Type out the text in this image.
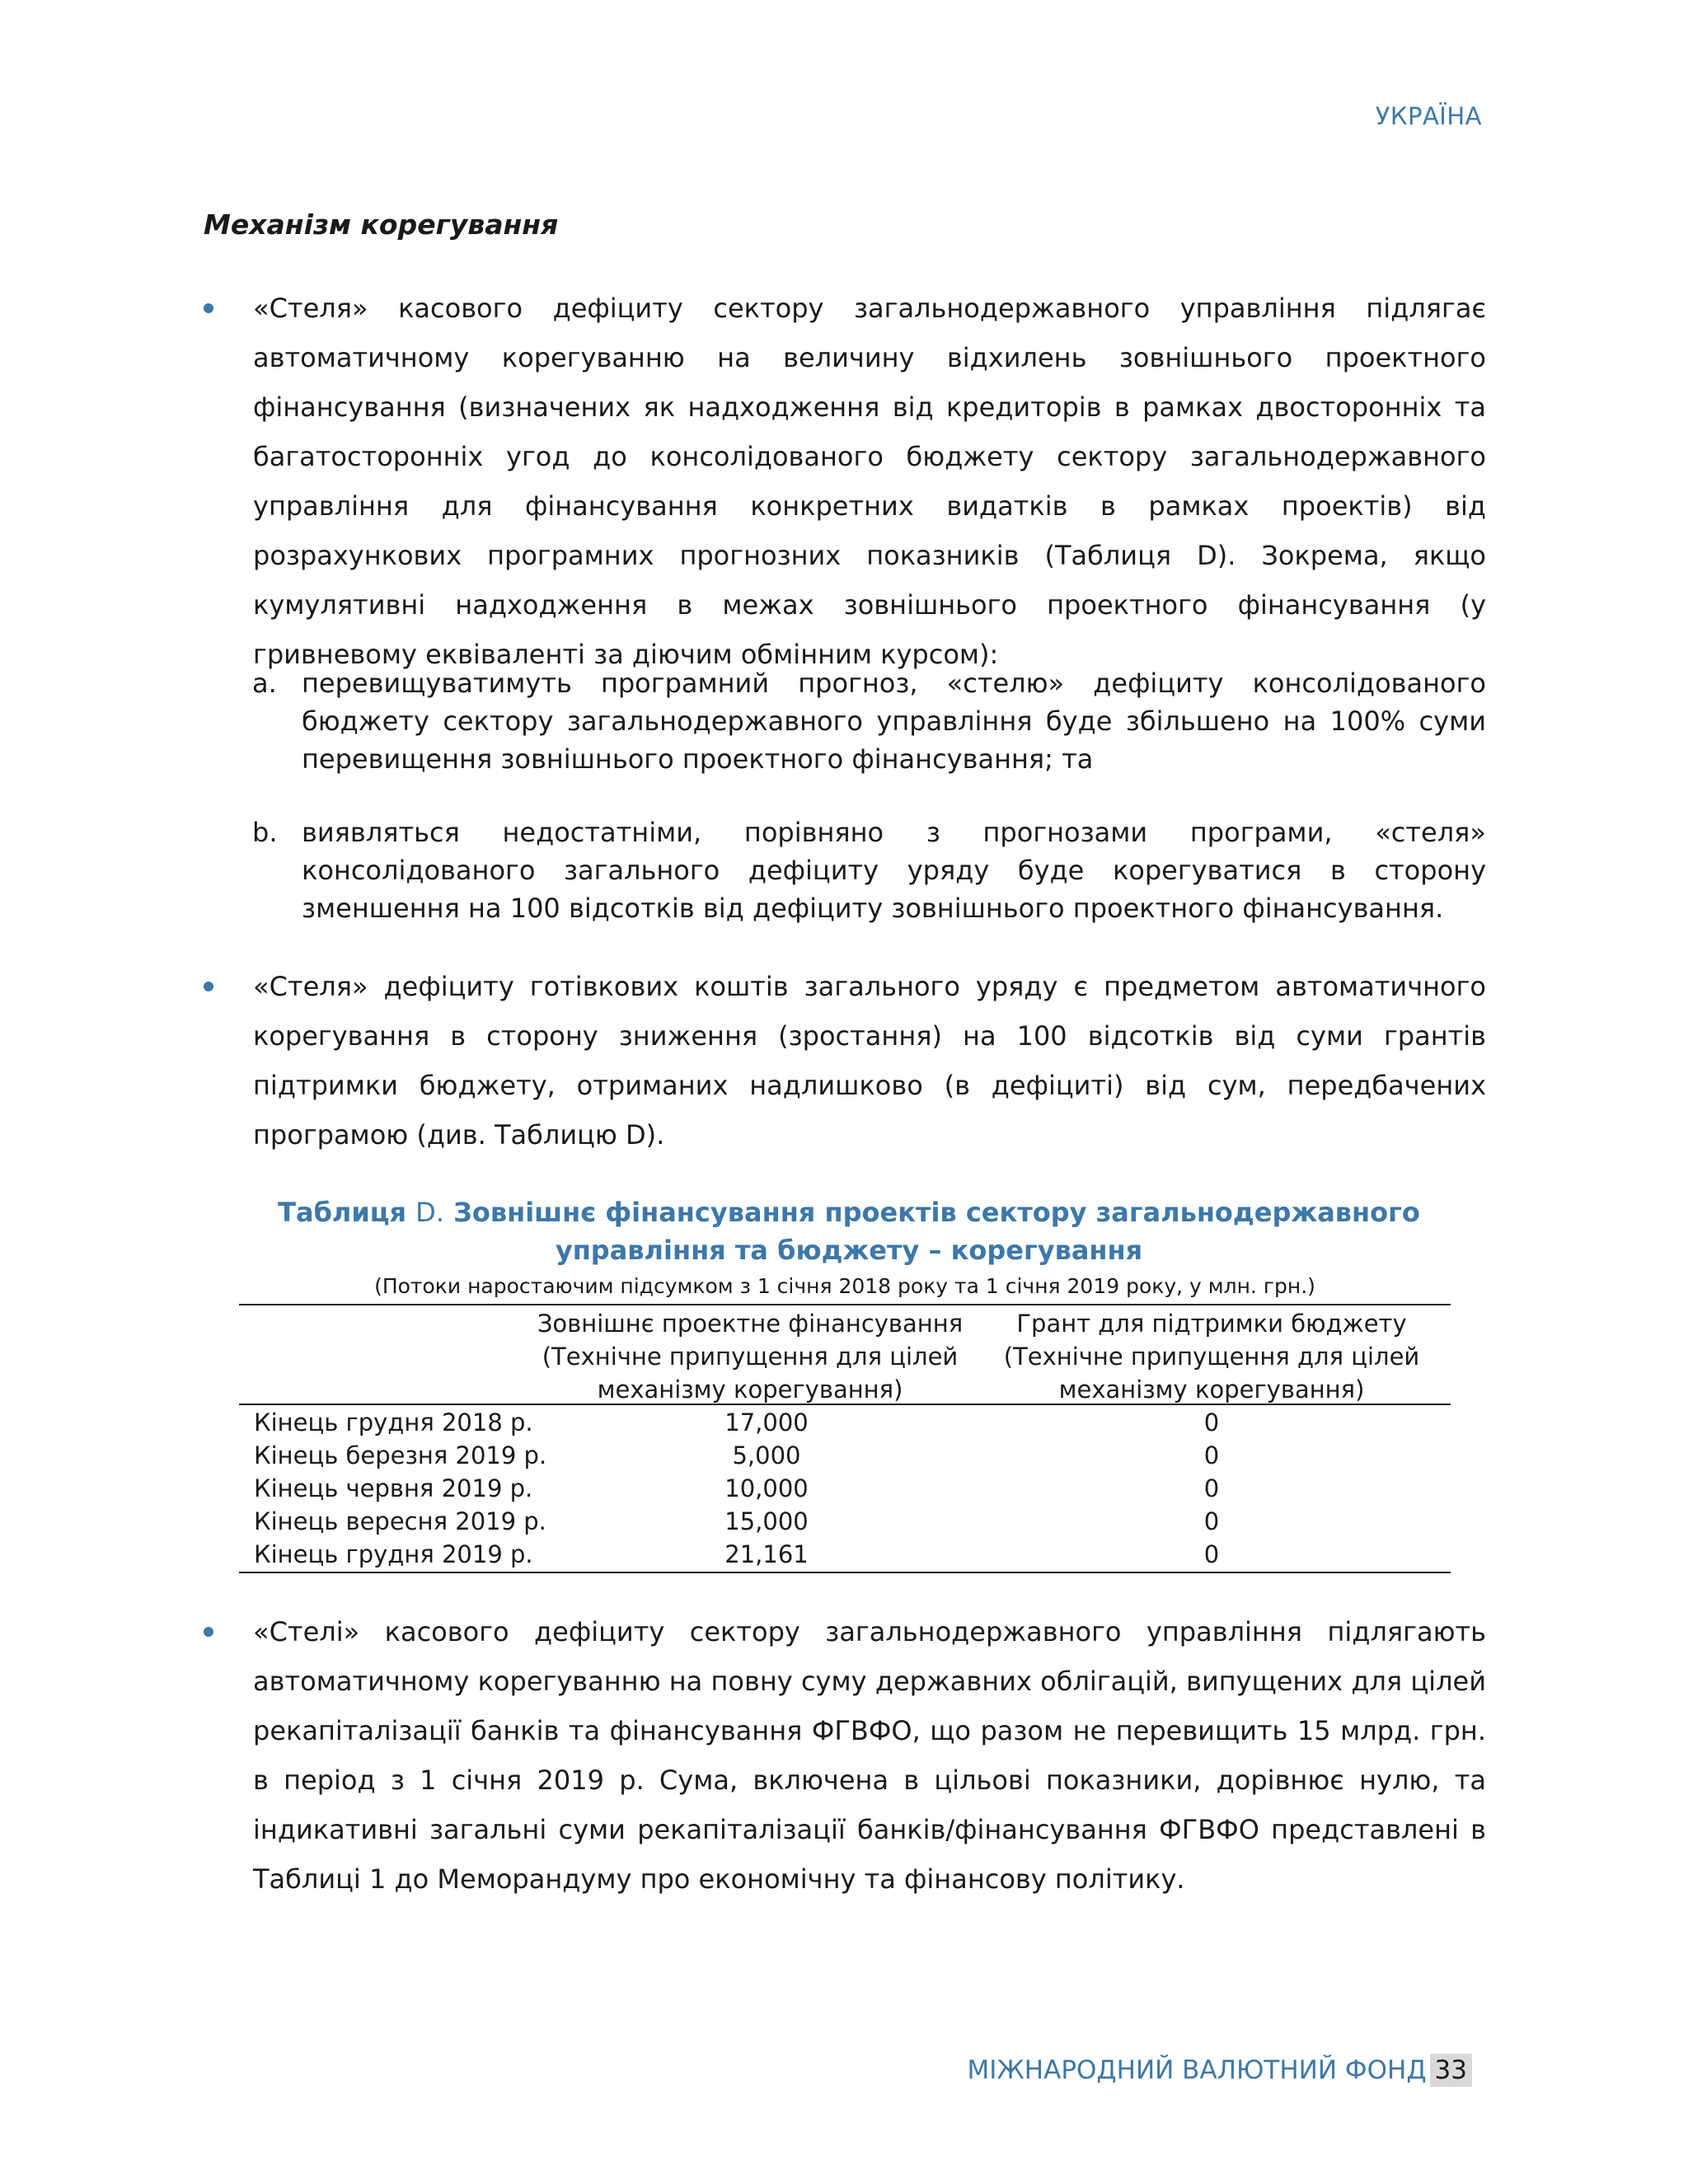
УКРАЇНА
Механізм корегування
«Стеля» касового дефіциту сектору загальнодержавного управління підлягає автоматичному корегуванню на величину відхилень зовнішнього проектного фінансування (визначених як надходження від кредиторів в рамках двосторонніх та багатосторонніх угод до консолідованого бюджету сектору загальнодержавного управління для фінансування конкретних видатків в рамках проектів) від розрахункових програмних прогнозних показників (Таблиця D). Зокрема, якщо кумулятивні надходження в межах зовнішнього проектного фінансування (у гривневому еквіваленті за діючим обмінним курсом):
a. перевищуватимуть програмний прогноз, «стелю» дефіциту консолідованого бюджету сектору загальнодержавного управління буде збільшено на 100% суми перевищення зовнішнього проектного фінансування; та
b. виявляться недостатніми, порівняно з прогнозами програми, «стеля» консолідованого загального дефіциту уряду буде корегуватися в сторону зменшення на 100 відсотків від дефіциту зовнішнього проектного фінансування.
«Стеля» дефіциту готівкових коштів загального уряду є предметом автоматичного корегування в сторону зниження (зростання) на 100 відсотків від суми грантів підтримки бюджету, отриманих надлишково (в дефіциті) від сум, передбачених програмою (див. Таблицю D).
Таблиця D. Зовнішнє фінансування проектів сектору загальнодержавного управління та бюджету – корегування
(Потоки наростаючим підсумком з 1 січня 2018 року та 1 січня 2019 року, у млн. грн.)
Зовнішнє проектне фінансування
(Технічне припущення для цілей
механізму корегування)
Грант для підтримки бюджету
(Технічне припущення для цілей
механізму корегування)
Кінець грудня 2018 р.	17,000	0
Кінець березня 2019 р.	5,000	0
Кінець червня 2019 р.	10,000	0
Кінець вересня 2019 р.	15,000	0
Кінець грудня 2019 р.	21,161	0
«Стелі» касового дефіциту сектору загальнодержавного управління підлягають автоматичному корегуванню на повну суму державних облігацій, випущених для цілей рекапіталізації банків та фінансування ФГВФО, що разом не перевищить 15 млрд. грн. в період з 1 січня 2019 р. Сума, включена в цільові показники, дорівнює нулю, та індикативні загальні суми рекапіталізації банків/фінансування ФГВФО представлені в Таблиці 1 до Меморандуму про економічну та фінансову політику.
МІЖНАРОДНИЙ ВАЛЮТНИЙ ФОНД 33
